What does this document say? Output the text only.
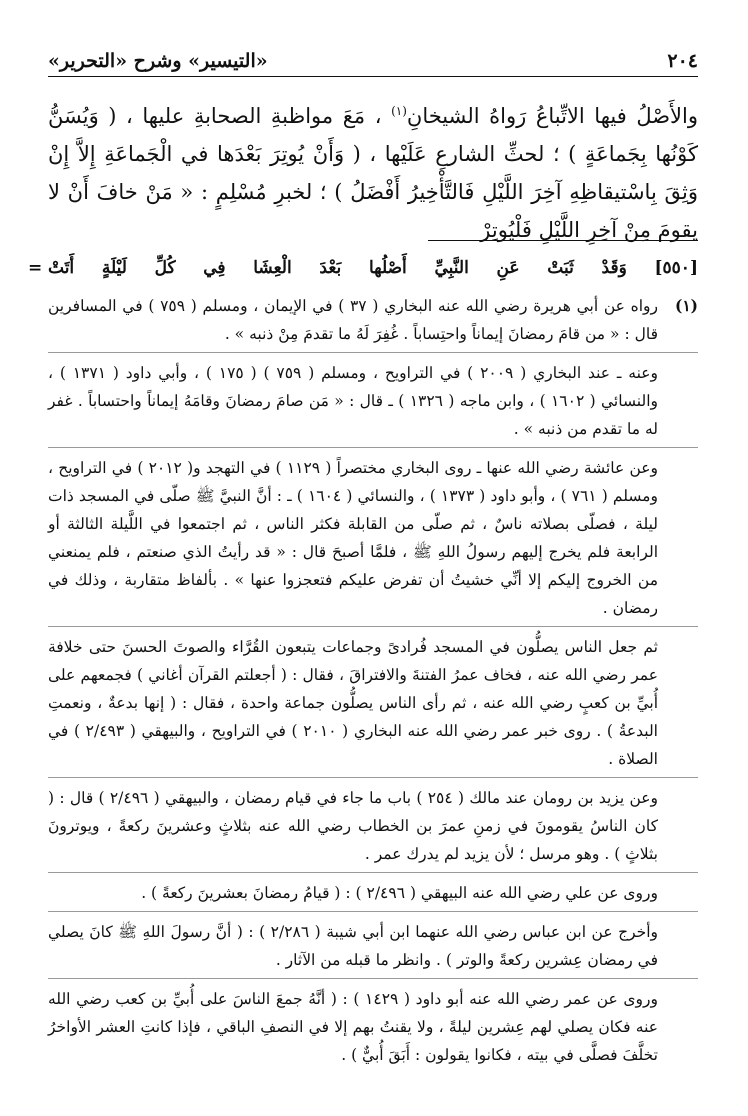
٢٠٤
«التيسير» وشرح «التحرير»

والأَصْلُ فيها الاتِّباعُ رَواهُ الشيخانِ$^{(١)}$ ، مَعَ مواظبةِ الصحابةِ عليها ، ( وَيُسَنُّ كَوْنُها بِجَماعَةٍ ) ؛ لحثِّ الشارعِ عَلَيْها ، ( وَأَنْ يُوتِرَ بَعْدَها في الْجَماعَةِ إِلاَّ إِنْ وَثِقَ بِاسْتيقاظِهِ آخِرَ اللَّيْلِ فَالتَّأْخِيرُ أَفْضَلُ ) ؛ لخبرِ مُسْلِمٍ : « مَنْ خافَ أَنْ لا يقومَ مِنْ آخِرِ اللَّيْلِ فَلْيُوتِرْ

[٥٥٠] وَقَدْ ثَبَتْ عَنِ النَّبِيِّ أَصْلُها بَعْدَ الْعِشَا فِي كُلِّ لَيْلَةٍ أَتَتْ
=
(١)

رواه عن أبي هريرة رضي الله عنه البخاري ( ٣٧ ) في الإيمان ، ومسلم ( ٧٥٩ ) في المسافرين قال : « من قامَ رمضانَ إيماناً واحتِساباً . غُفِرَ لَهُ ما تقدمَ مِنْ ذنبه » .

وعنه ـ عند البخاري ( ٢٠٠٩ ) في التراويح ، ومسلم ( ٧٥٩ ) ( ١٧٥ ) ، وأبي داود ( ١٣٧١ ) ، والنسائي ( ١٦٠٢ ) ، وابن ماجه ( ١٣٢٦ ) ـ قال : « مَن صامَ رمضانَ وقامَهُ إيماناً واحتساباً . غفر له ما تقدم من ذنبه » .

وعن عائشة رضي الله عنها ـ روى البخاري مختصراً ( ١١٢٩ ) في التهجد و( ٢٠١٢ ) في التراويح ، ومسلم ( ٧٦١ ) ، وأبو داود ( ١٣٧٣ ) ، والنسائي ( ١٦٠٤ ) ـ : أنَّ النبيَّ ﷺ صلّى في المسجد ذات ليلة ، فصلّى بصلاته ناسٌ ، ثم صلّى من القابلة فكثر الناس ، ثم اجتمعوا في اللَّيلة الثالثة أو الرابعة فلم يخرج إليهم رسولُ اللهِ ﷺ ، فلمَّا أصبحَ قال : « قد رأيتُ الذي صنعتم ، فلم يمنعني من الخروج إليكم إلا أنِّي خشيتُ أن تفرض عليكم فتعجزوا عنها » . بألفاظ متقاربة ، وذلك في رمضان .

ثم جعل الناس يصلُّون في المسجد فُرادىً وجماعات يتبعون القُرَّاء والصوتَ الحسنَ حتى خلافة عمر رضي الله عنه ، فخاف عمرُ الفتنةَ والافتراقَ ، فقال : ( أجعلتم القرآن أغاني ) فجمعهم على أُبيِّ بن كعبٍ رضي الله عنه ، ثم رأى الناس يصلُّون جماعة واحدة ، فقال : ( إنها بدعةٌ ، ونعمتِ البدعةُ ) . روى خبر عمر رضي الله عنه البخاري ( ٢٠١٠ ) في التراويح ، والبيهقي ( ٢/٤٩٣ ) في الصلاة .

وعن يزيد بن رومان عند مالك ( ٢٥٤ ) باب ما جاء في قيام رمضان ، والبيهقي ( ٢/٤٩٦ ) قال : ( كان الناسُ يقومونَ في زمنِ عمرَ بن الخطاب رضي الله عنه بثلاثٍ وعشرينَ ركعةً ، ويوترونَ بثلاثٍ ) . وهو مرسل ؛ لأن يزيد لم يدرك عمر .

وروى عن علي رضي الله عنه البيهقي ( ٢/٤٩٦ ) : ( قيامُ رمضانَ بعشرينَ ركعةً ) .

وأخرج عن ابن عباس رضي الله عنهما ابن أبي شيبة ( ٢/٢٨٦ ) : ( أنَّ رسولَ اللهِ ﷺ كانَ يصلي في رمضان عِشرين ركعةً والوتر ) . وانظر ما قبله من الآثار .

وروى عن عمر رضي الله عنه أبو داود ( ١٤٢٩ ) : ( أنَّهُ جمعَ الناسَ على أُبيِّ بن كعب رضي الله عنه فكان يصلي لهم عِشرين ليلةً ، ولا يقنتُ بهم إلا في النصفِ الباقي ، فإذا كانتِ العشر الأواخرُ تخلَّفَ فصلَّى في بيته ، فكانوا يقولون : أَبَقَ أُبيٌّ ) .
